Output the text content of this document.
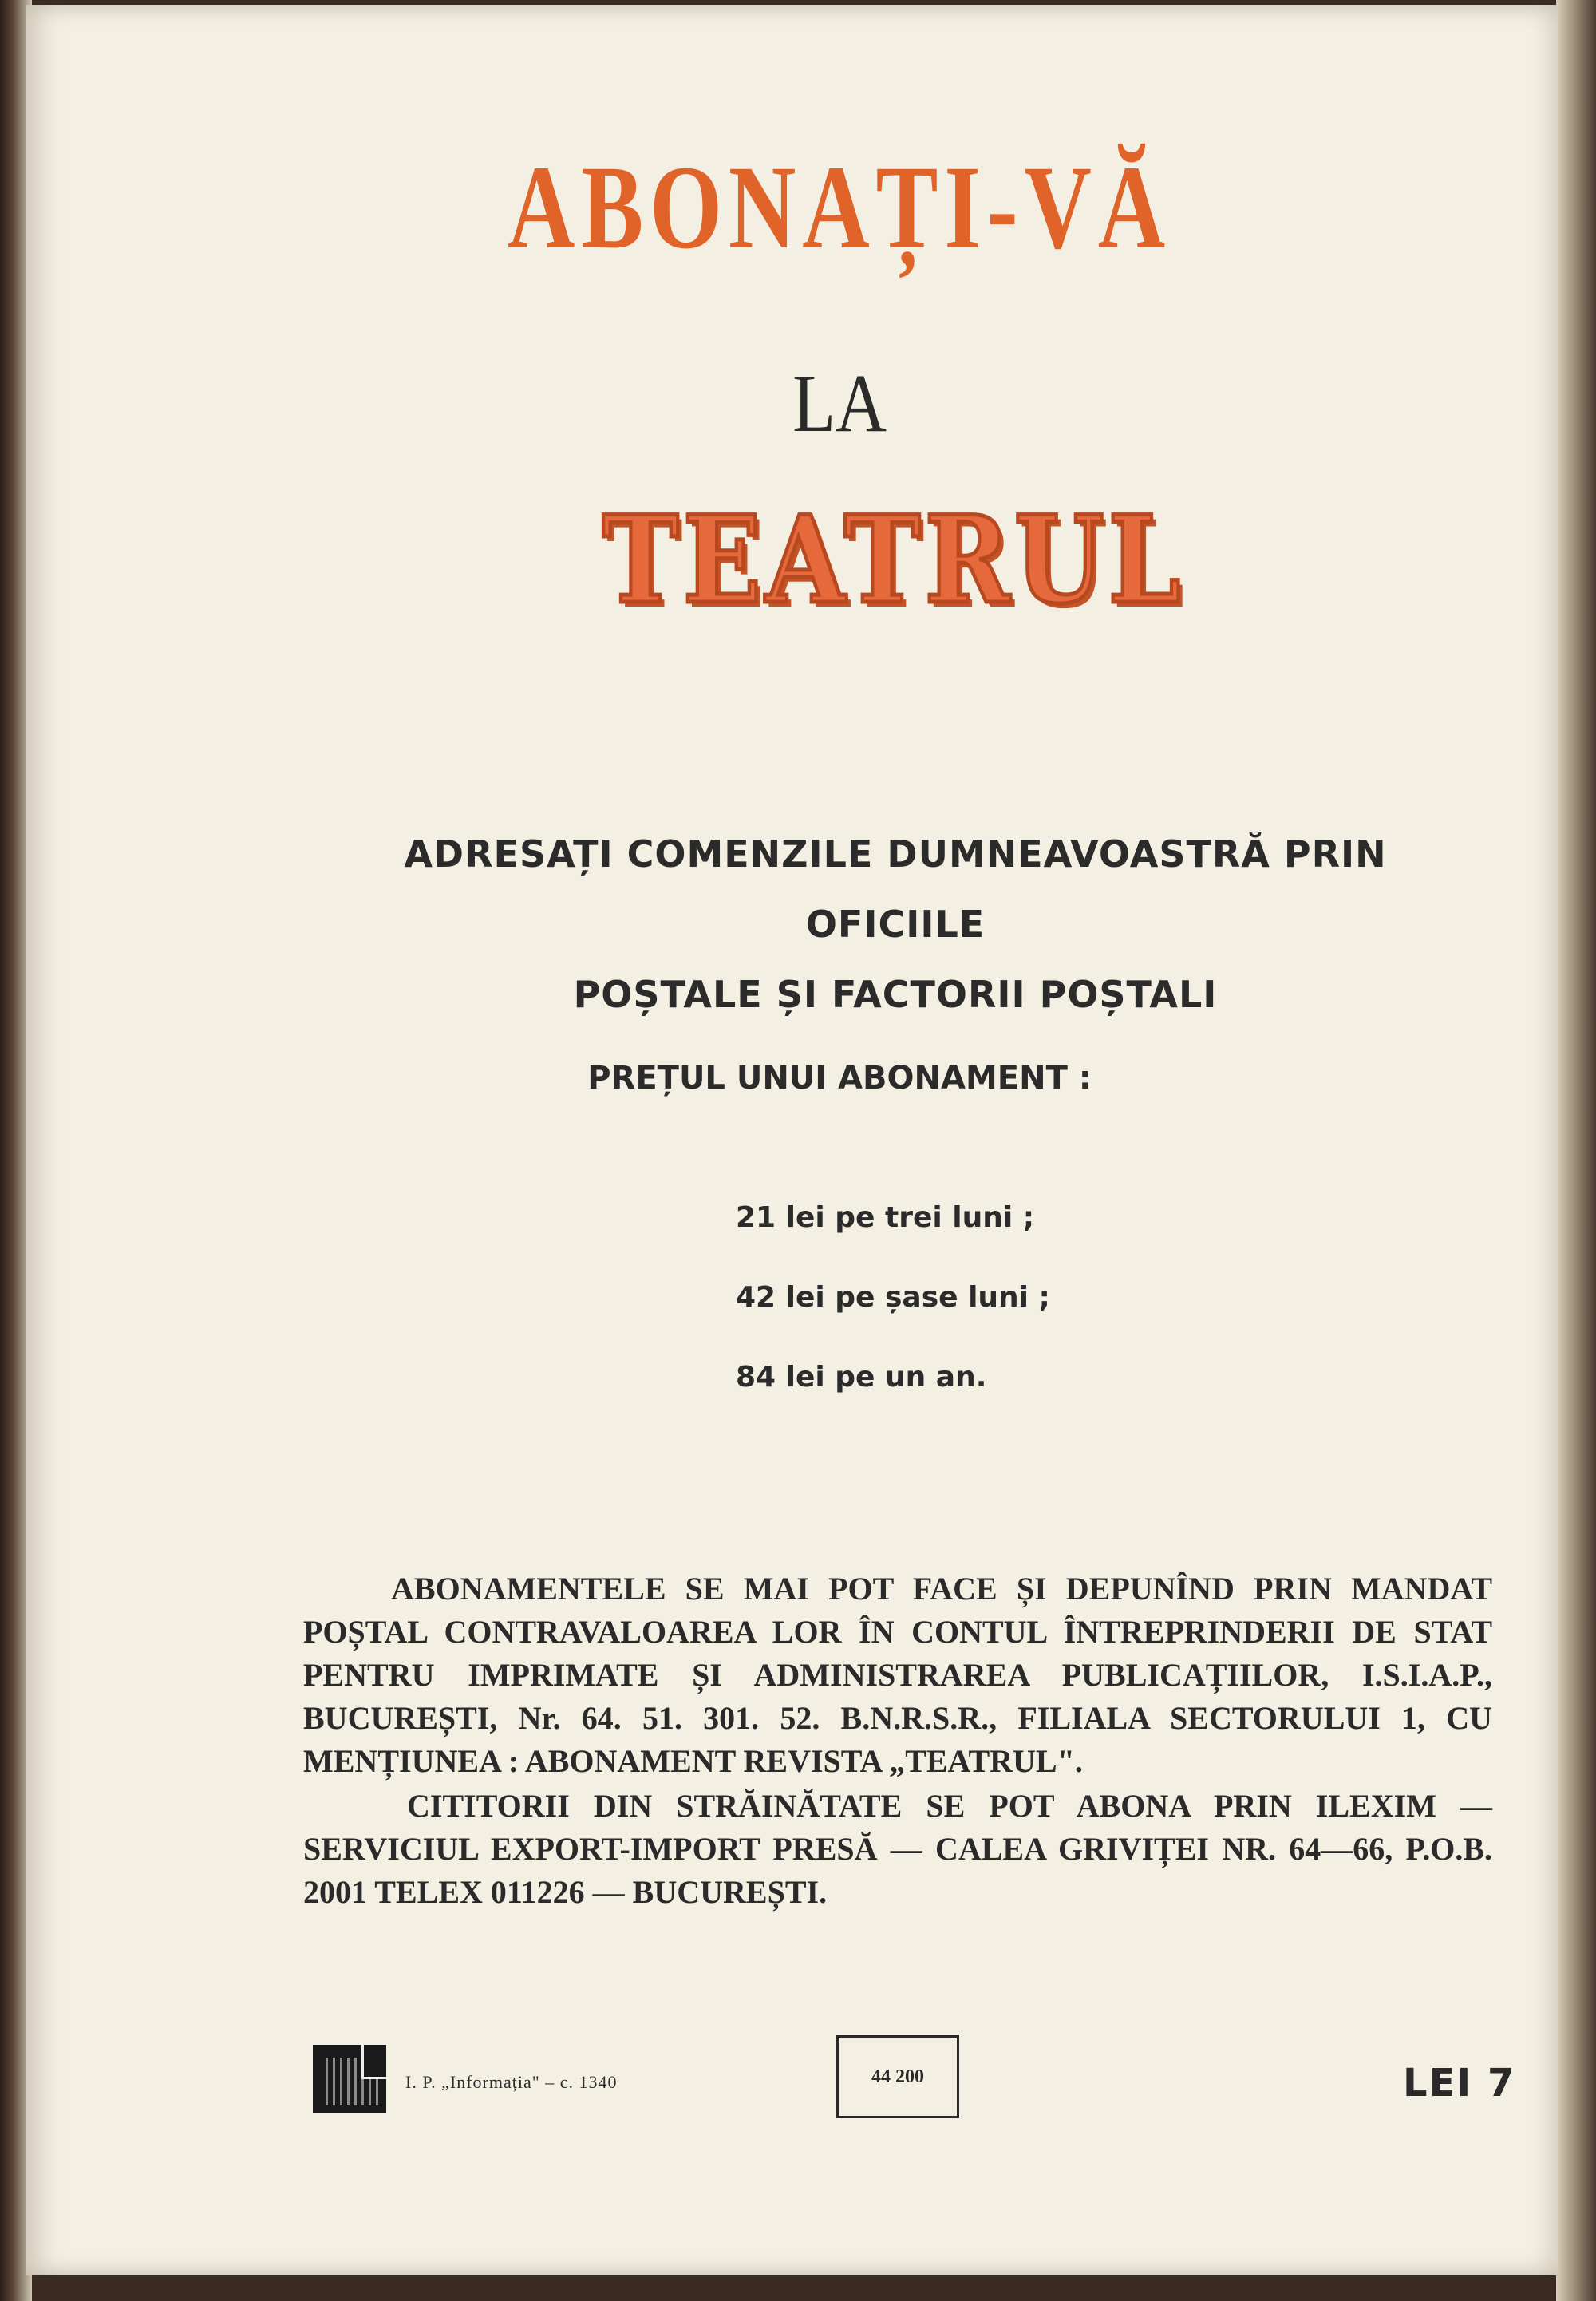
ABONAȚI-VĂ
LA
TEATRUL
ADRESAȚI COMENZILE DUMNEAVOASTRĂ PRIN OFICIILE
POȘTALE ȘI FACTORII POȘTALI
PREȚUL UNUI ABONAMENT :
21 lei pe trei luni ;
42 lei pe șase luni ;
84 lei pe un an.

ABONAMENTELE SE MAI POT FACE ȘI DEPUNÎND PRIN MANDAT POȘTAL CONTRAVALOAREA LOR ÎN CONTUL ÎNTREPRINDERII DE STAT PENTRU IMPRIMATE ȘI ADMINISTRAREA PUBLICAȚIILOR, I.S.I.A.P., BUCUREȘTI, Nr. 64. 51. 301. 52. B.N.R.S.R., FILIALA SECTORULUI 1, CU MENȚIUNEA : ABONAMENT REVISTA „TEATRUL".

CITITORII DIN STRĂINĂTATE SE POT ABONA PRIN ILEXIM — SERVICIUL EXPORT-IMPORT PRESĂ — CALEA GRIVIȚEI NR. 64—66, P.O.B. 2001 TELEX 011226 — BUCUREȘTI.

I. P. „Informația" – c. 1340	44 200	LEI 7
